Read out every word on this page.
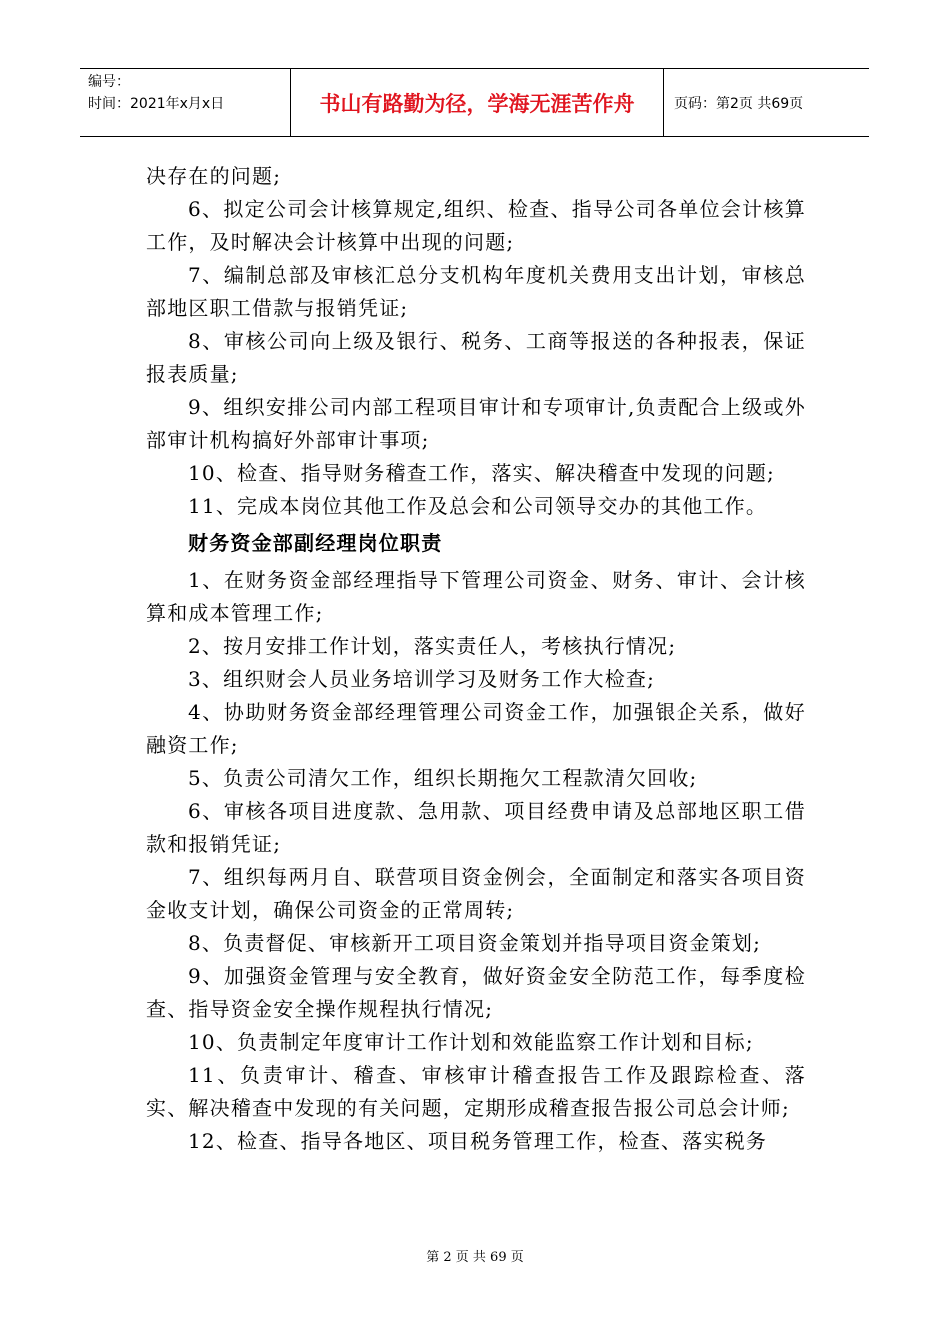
编号：
时间：2021年x月x日	书山有路勤为径，学海无涯苦作舟	页码：第2页 共69页

决存在的问题;

6、拟定公司会计核算规定,组织、检查、指导公司各单位会计核算工作，及时解决会计核算中出现的问题;

7、编制总部及审核汇总分支机构年度机关费用支出计划，审核总部地区职工借款与报销凭证;

8、审核公司向上级及银行、税务、工商等报送的各种报表，保证报表质量;

9、组织安排公司内部工程项目审计和专项审计,负责配合上级或外部审计机构搞好外部审计事项;

10、检查、指导财务稽查工作，落实、解决稽查中发现的问题;

11、完成本岗位其他工作及总会和公司领导交办的其他工作。

财务资金部副经理岗位职责

1、在财务资金部经理指导下管理公司资金、财务、审计、会计核算和成本管理工作;

2、按月安排工作计划，落实责任人，考核执行情况;

3、组织财会人员业务培训学习及财务工作大检查;

4、协助财务资金部经理管理公司资金工作，加强银企关系，做好融资工作;

5、负责公司清欠工作，组织长期拖欠工程款清欠回收;

6、审核各项目进度款、急用款、项目经费申请及总部地区职工借款和报销凭证;

7、组织每两月自、联营项目资金例会，全面制定和落实各项目资金收支计划，确保公司资金的正常周转;

8、负责督促、审核新开工项目资金策划并指导项目资金策划;

9、加强资金管理与安全教育，做好资金安全防范工作，每季度检查、指导资金安全操作规程执行情况;

10、负责制定年度审计工作计划和效能监察工作计划和目标;

11、负责审计、稽查、审核审计稽查报告工作及跟踪检查、落实、解决稽查中发现的有关问题，定期形成稽查报告报公司总会计师;

12、检查、指导各地区、项目税务管理工作，检查、落实税务

第 2 页 共 69 页
